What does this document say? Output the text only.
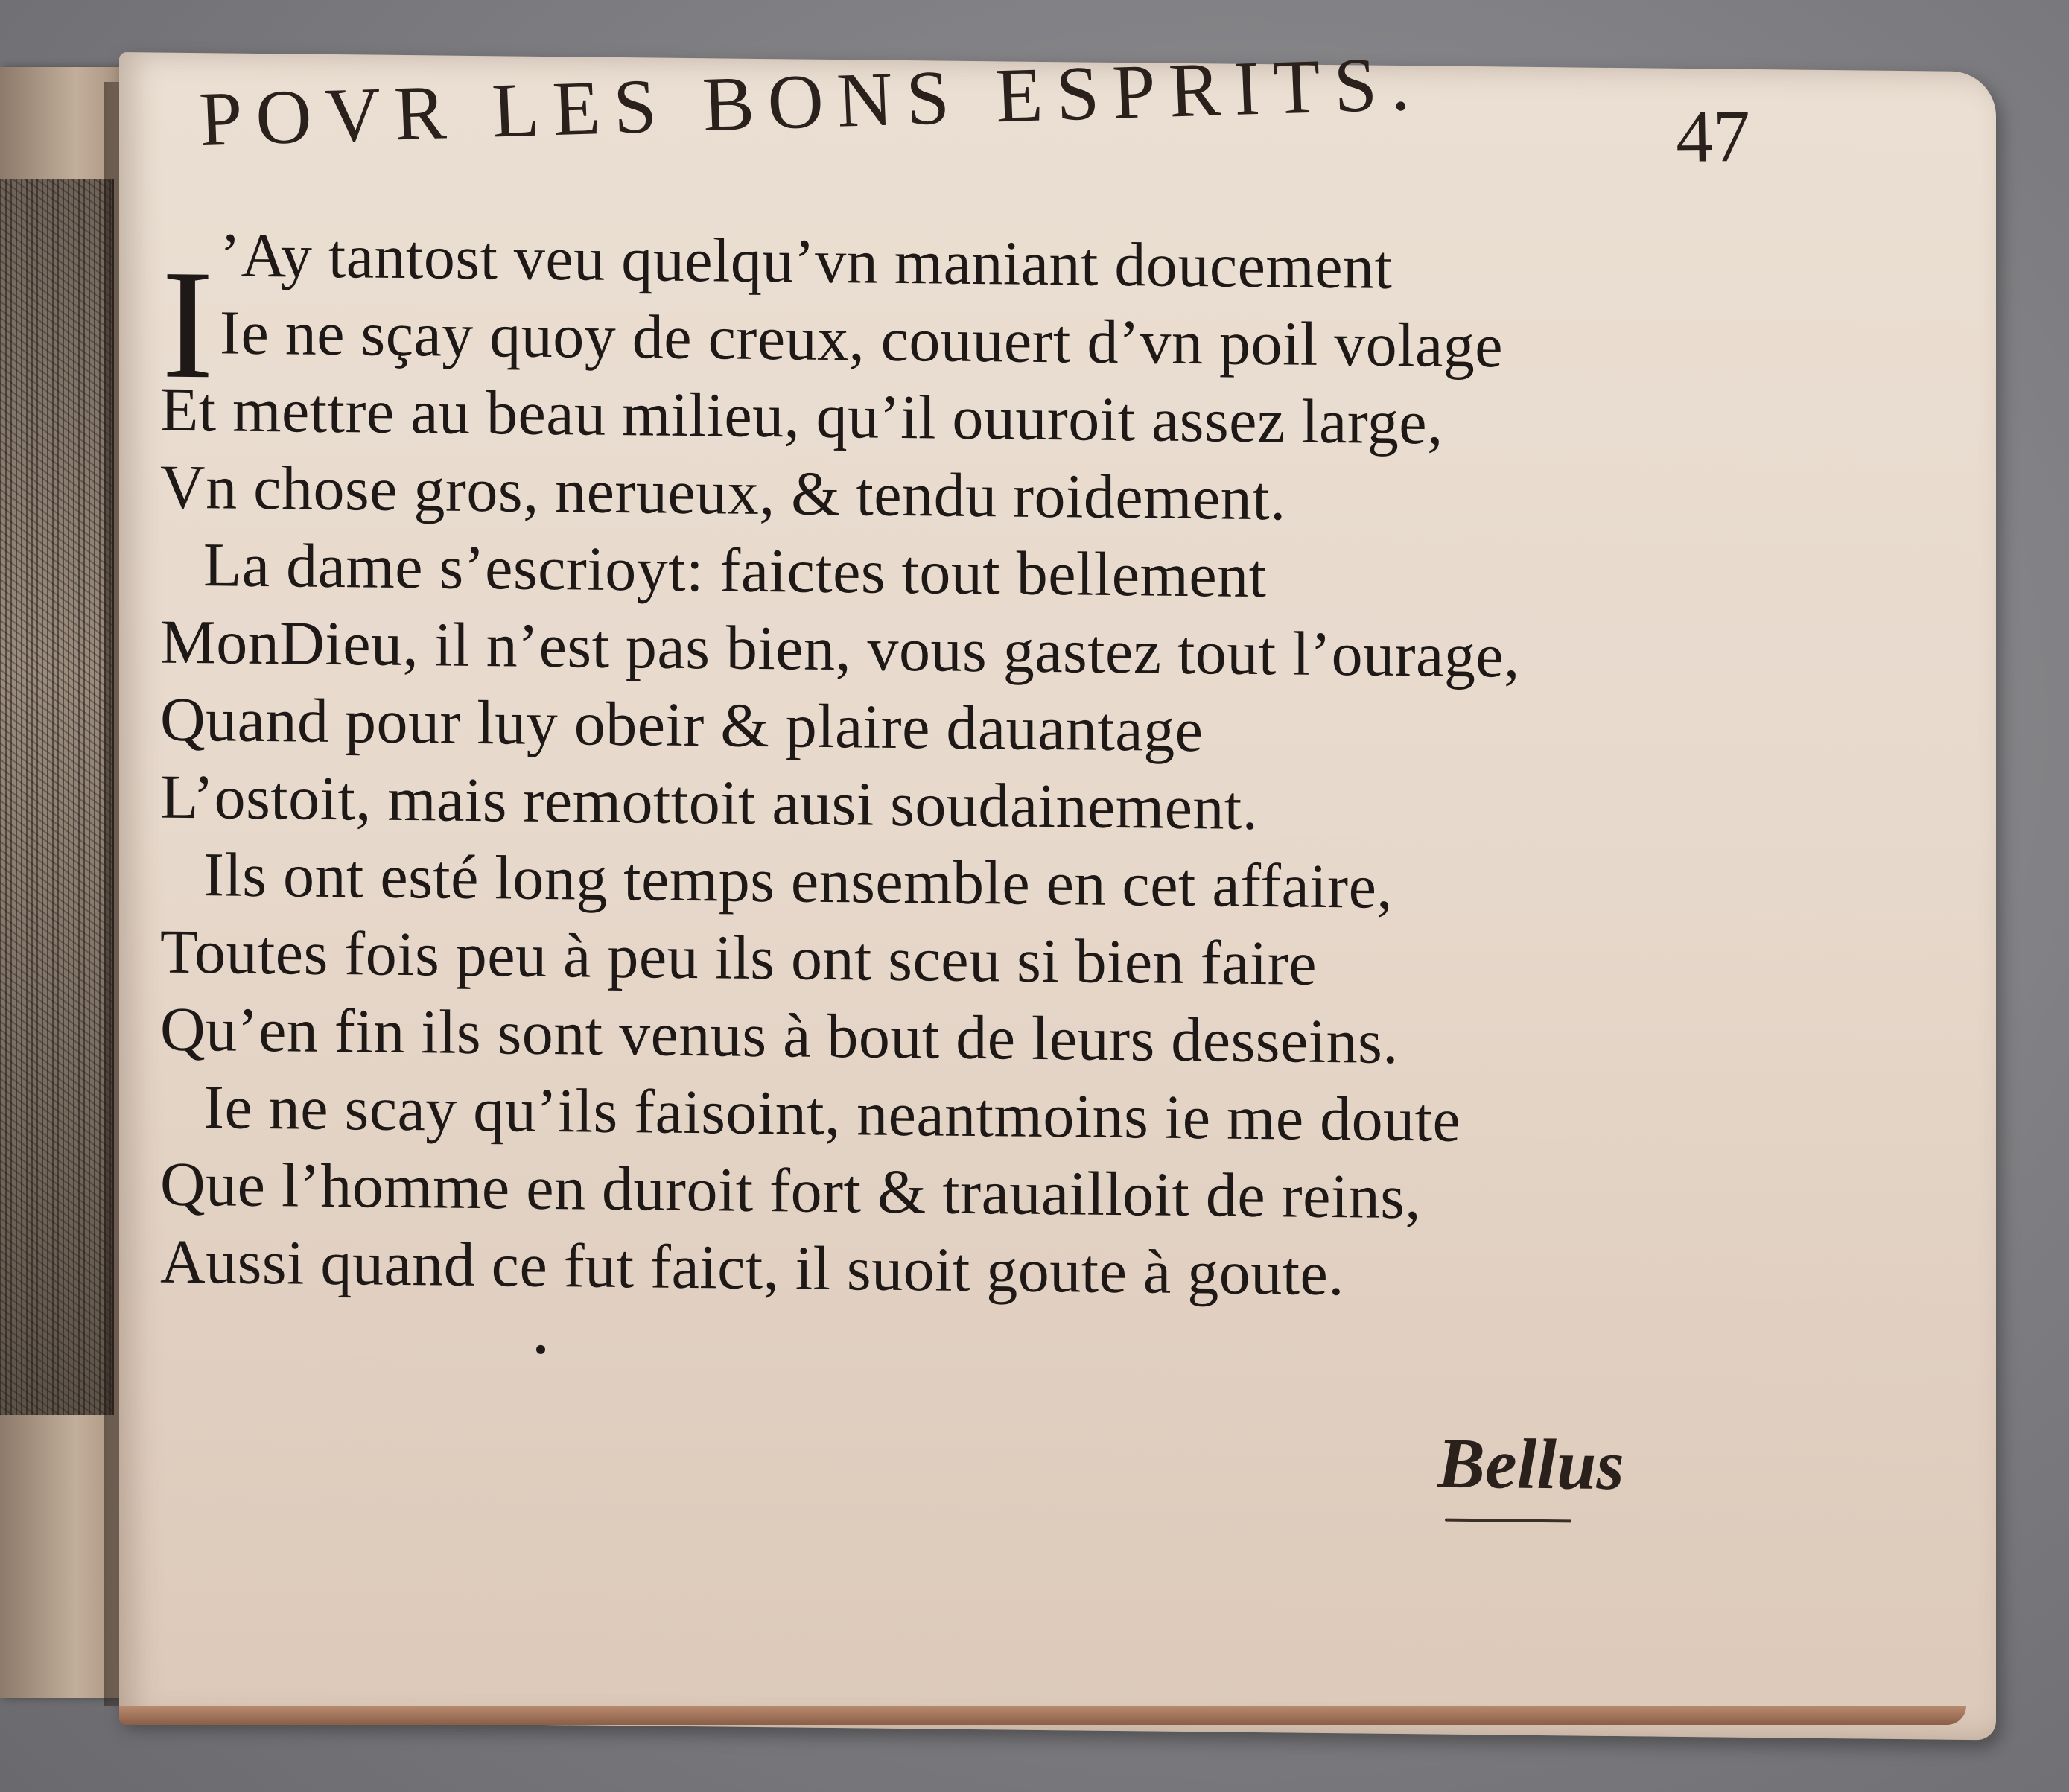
POVR LES BONS ESPRITS.	47
I ’Ay tantost veu quelqu’vn maniant doucement
Ie ne sçay quoy de creux, couuert d’vn poil volage
Et mettre au beau milieu, qu’il ouuroit assez large,
Vn chose gros, nerueux, & tendu roidement.
La dame s’escrioyt: faictes tout bellement
MonDieu, il n’est pas bien, vous gastez tout l’ourage,
Quand pour luy obeir & plaire dauantage
L’ostoit, mais remottoit ausi soudainement.
Ils ont esté long temps ensemble en cet affaire,
Toutes fois peu à peu ils ont sceu si bien faire
Qu’en fin ils sont venus à bout de leurs desseins.
Ie ne scay qu’ils faisoint, neantmoins ie me doute
Que l’homme en duroit fort & trauailloit de reins,
Aussi quand ce fut faict, il suoit goute à goute.
Bellus
